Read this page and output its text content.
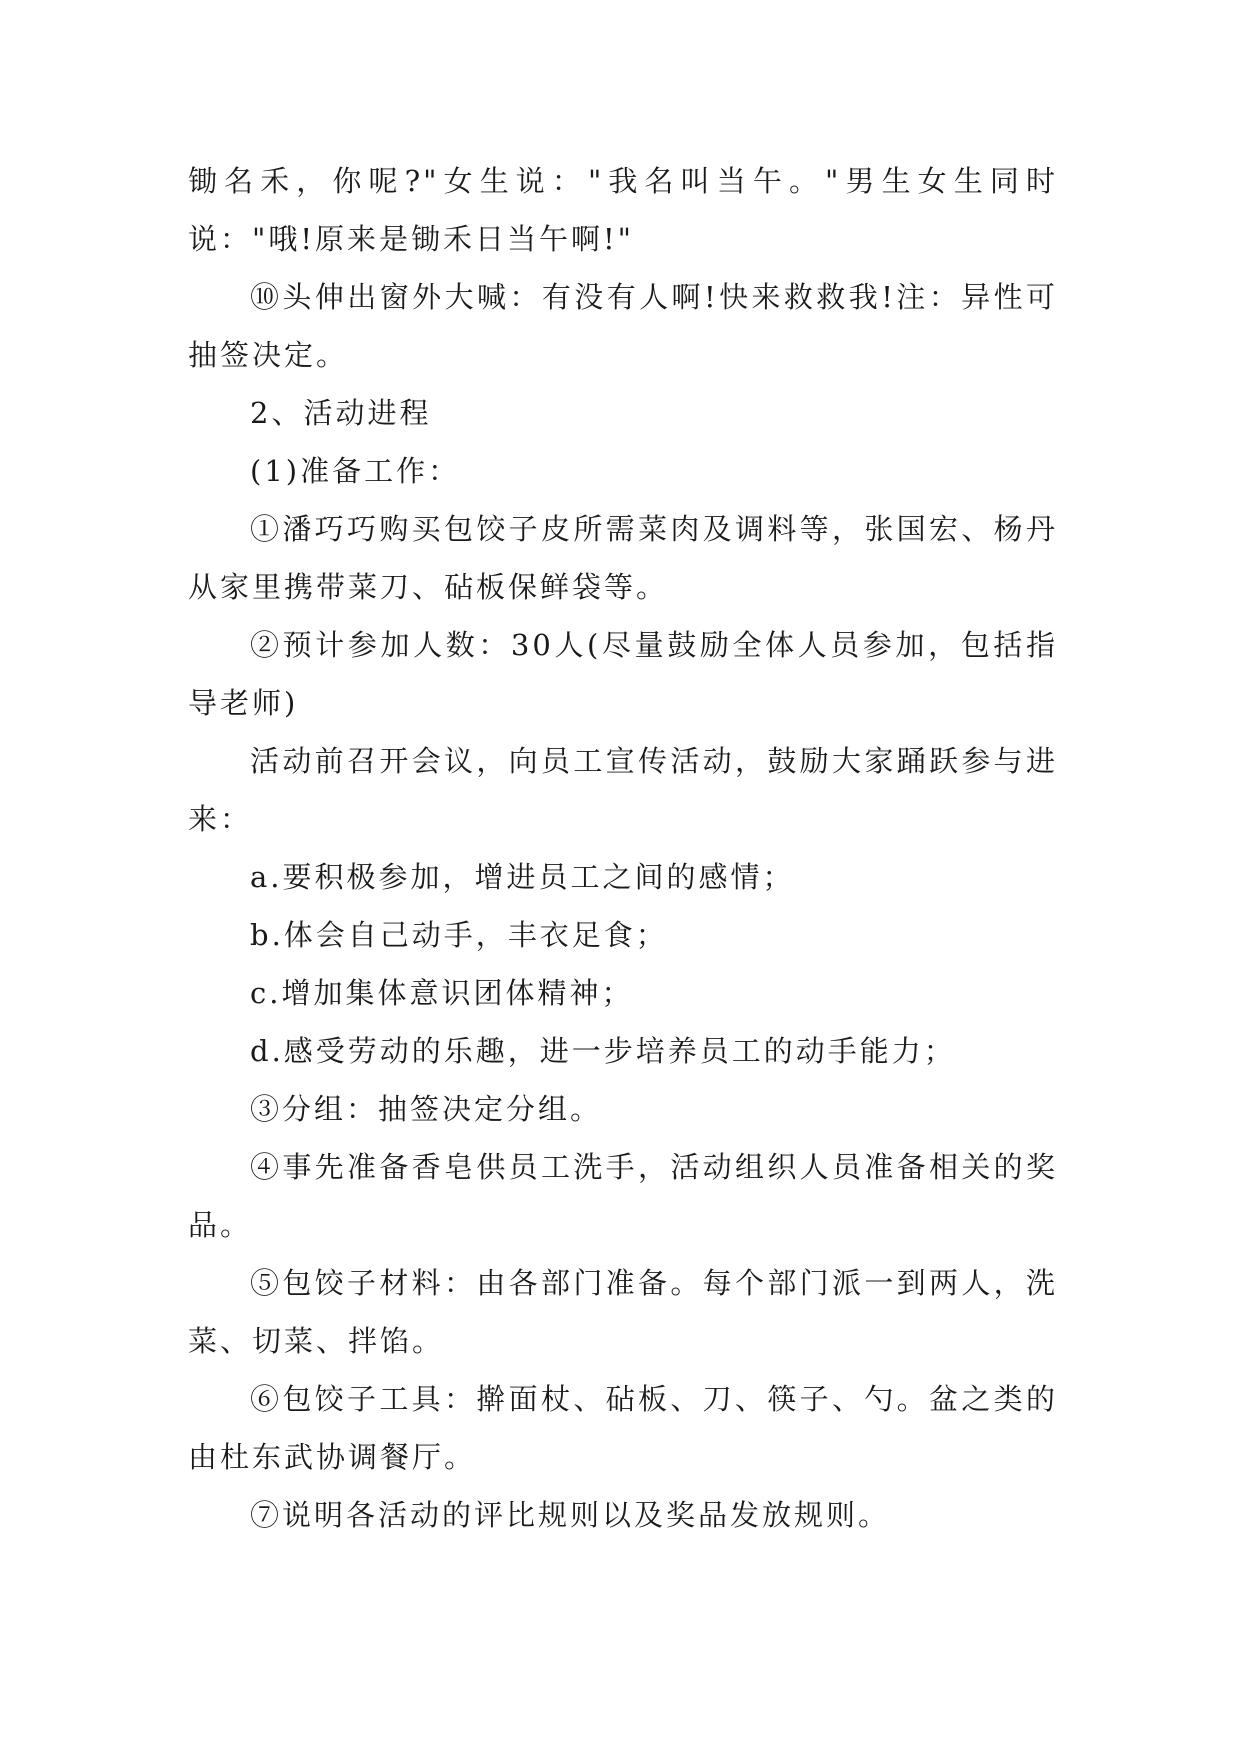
锄名禾，你呢?"女生说："我名叫当午。"男生女生同时说："哦!原来是锄禾日当午啊!"

⑩头伸出窗外大喊：有没有人啊!快来救救我!注：异性可抽签决定。

2、活动进程

(1)准备工作：

①潘巧巧购买包饺子皮所需菜肉及调料等，张国宏、杨丹从家里携带菜刀、砧板保鲜袋等。

②预计参加人数：30人(尽量鼓励全体人员参加，包括指导老师)

活动前召开会议，向员工宣传活动，鼓励大家踊跃参与进来：

a.要积极参加，增进员工之间的感情；

b.体会自己动手，丰衣足食；

c.增加集体意识团体精神；

d.感受劳动的乐趣，进一步培养员工的动手能力；

③分组：抽签决定分组。

④事先准备香皂供员工洗手，活动组织人员准备相关的奖品。

⑤包饺子材料：由各部门准备。每个部门派一到两人，洗菜、切菜、拌馅。

⑥包饺子工具：擀面杖、砧板、刀、筷子、勺。盆之类的由杜东武协调餐厅。

⑦说明各活动的评比规则以及奖品发放规则。
